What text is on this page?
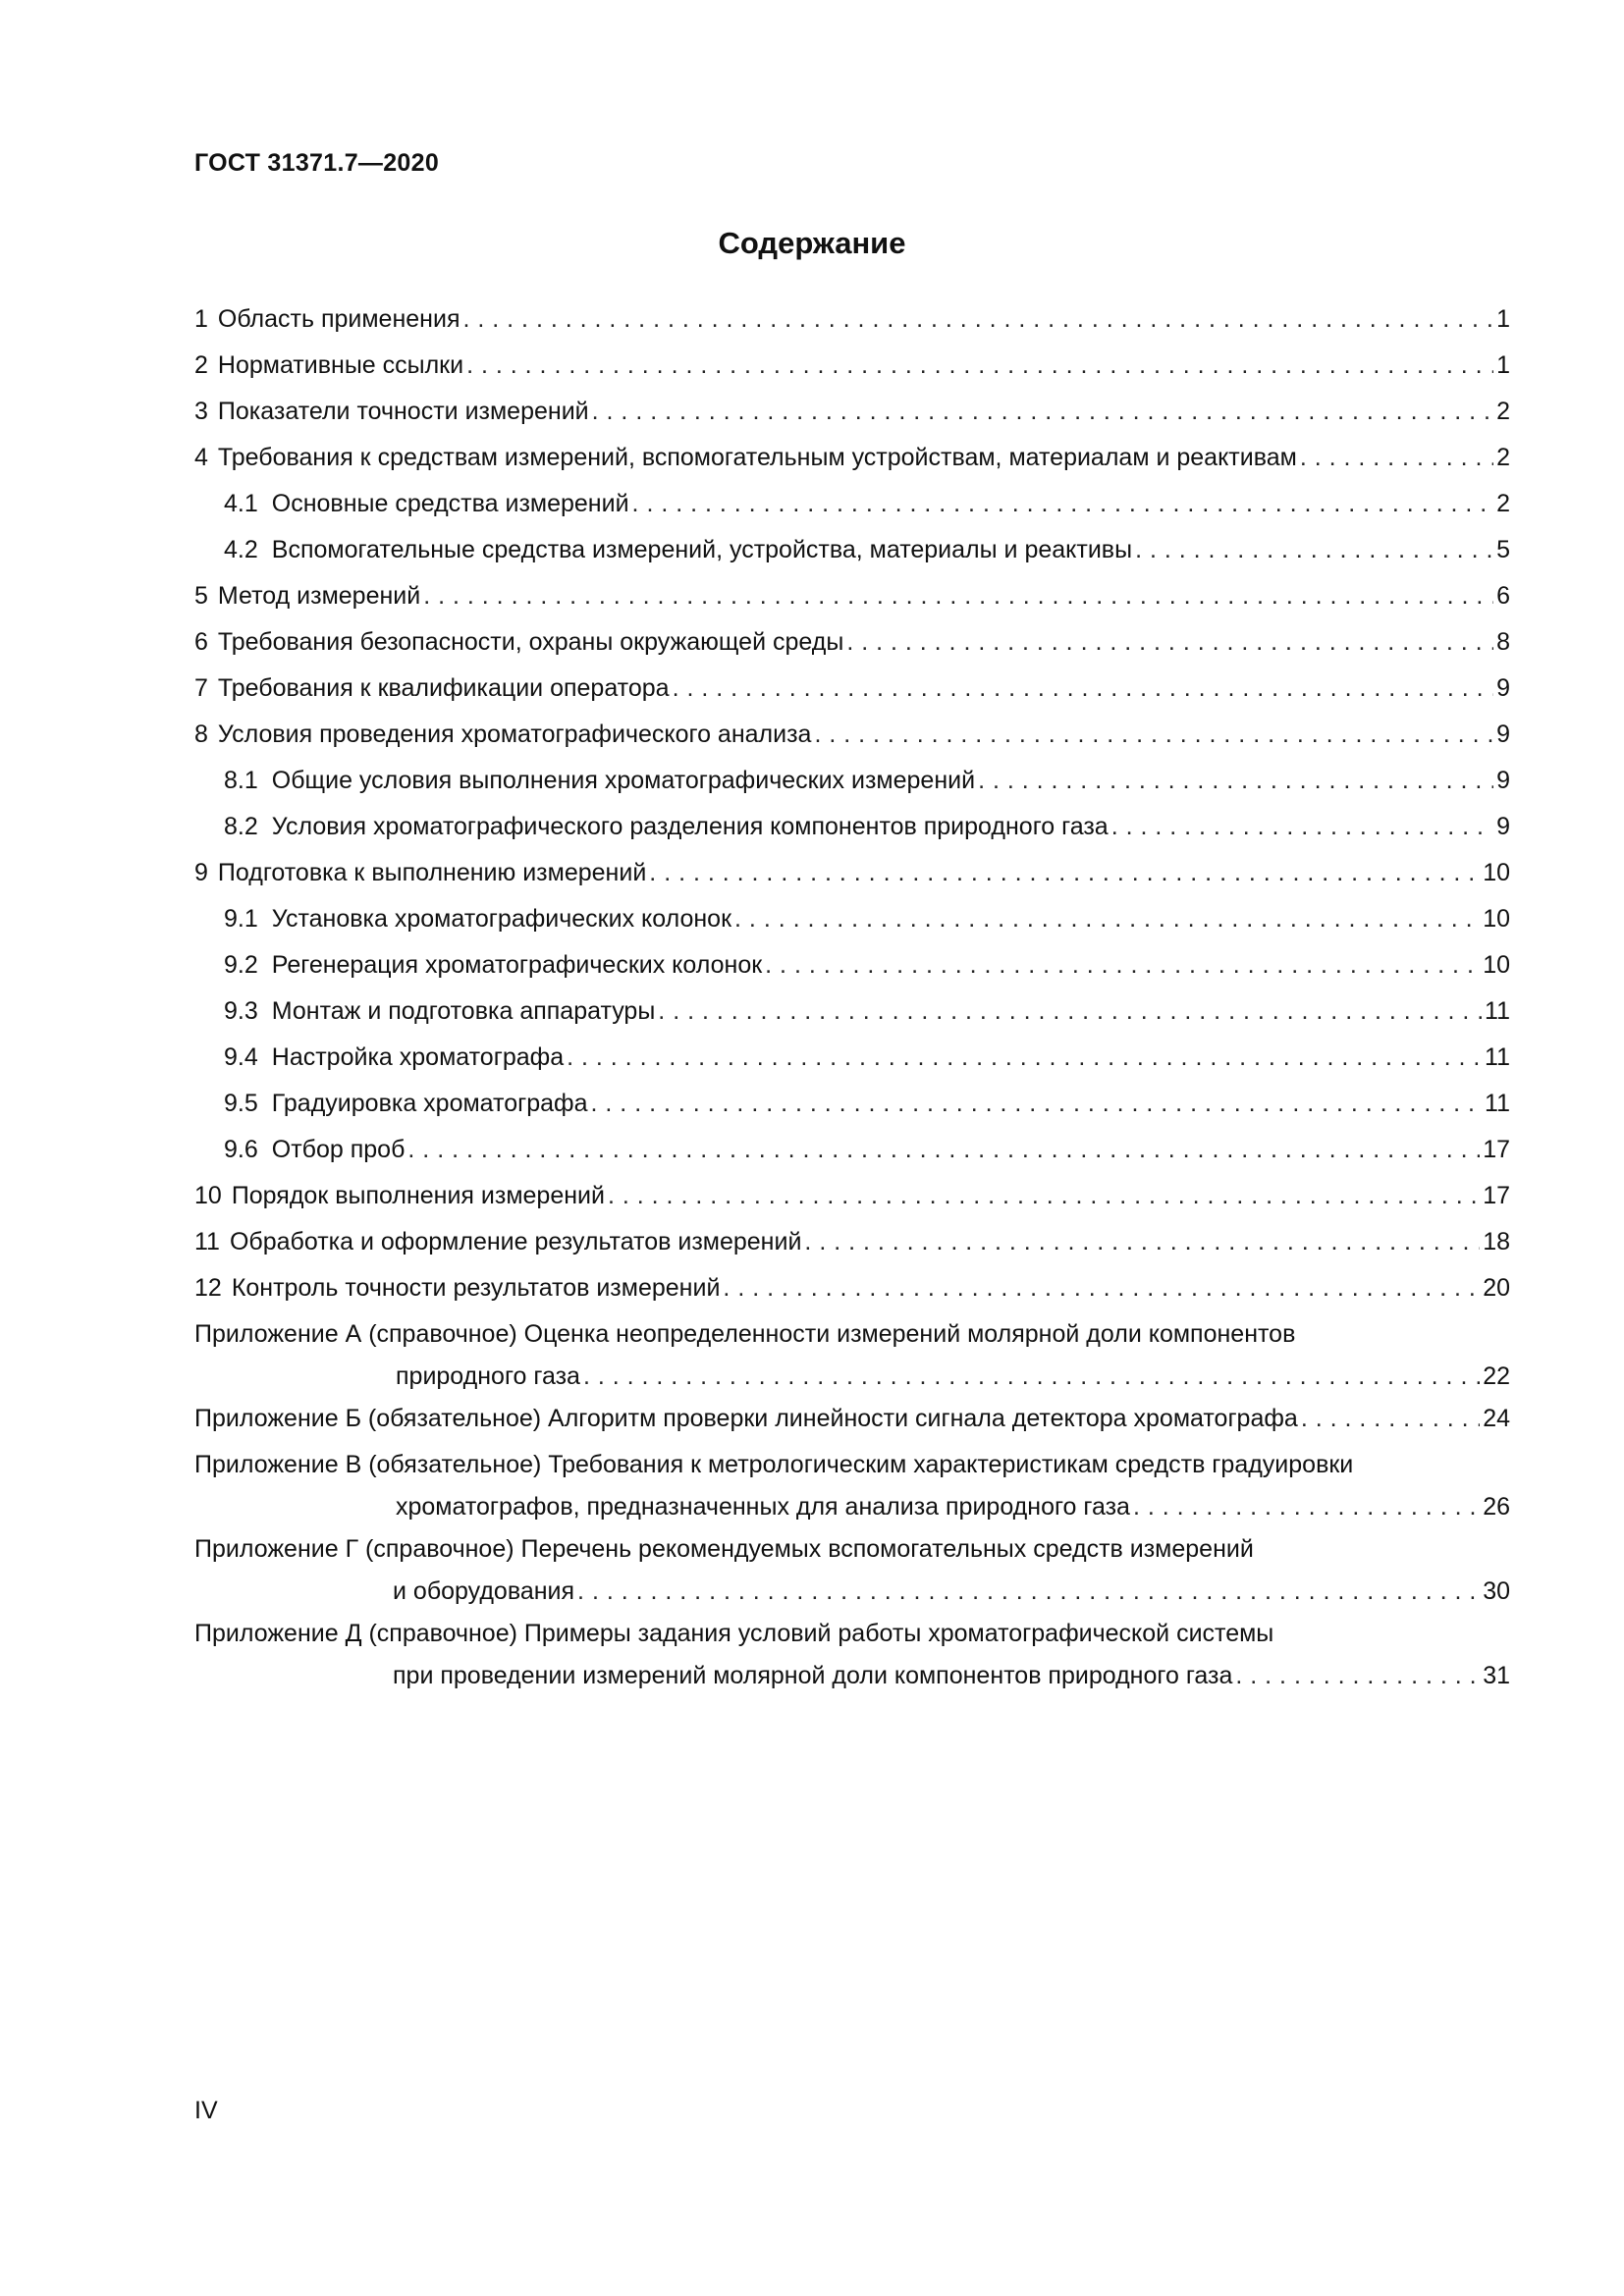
ГОСТ 31371.7—2020
Содержание
1 Область применения . . .	1
2 Нормативные ссылки . . .	1
3 Показатели точности измерений . . .	2
4 Требования к средствам измерений, вспомогательным устройствам, материалам и реактивам . . .	2
4.1 Основные средства измерений . . .	2
4.2 Вспомогательные средства измерений, устройства, материалы и реактивы . . .	5
5 Метод измерений . . .	6
6 Требования безопасности, охраны окружающей среды . . .	8
7 Требования к квалификации оператора . . .	9
8 Условия проведения хроматографического анализа . . .	9
8.1 Общие условия выполнения хроматографических измерений . . .	9
8.2 Условия хроматографического разделения компонентов природного газа . . .	9
9 Подготовка к выполнению измерений . . .	10
9.1 Установка хроматографических колонок . . .	10
9.2 Регенерация хроматографических колонок . . .	10
9.3 Монтаж и подготовка аппаратуры . . .	11
9.4 Настройка хроматографа . . .	11
9.5 Градуировка хроматографа . . .	11
9.6 Отбор проб . . .	17
10 Порядок выполнения измерений . . .	17
11 Обработка и оформление результатов измерений . . .	18
12 Контроль точности результатов измерений . . .	20
Приложение А (справочное) Оценка неопределенности измерений молярной доли компонентов
природного газа . . .	22
Приложение Б (обязательное) Алгоритм проверки линейности сигнала детектора хроматографа . . .	24
Приложение В (обязательное) Требования к метрологическим характеристикам средств градуировки
хроматографов, предназначенных для анализа природного газа . . .	26
Приложение Г (справочное) Перечень рекомендуемых вспомогательных средств измерений
и оборудования . . .	30
Приложение Д (справочное) Примеры задания условий работы хроматографической системы
при проведении измерений молярной доли компонентов природного газа . . .	31
IV
